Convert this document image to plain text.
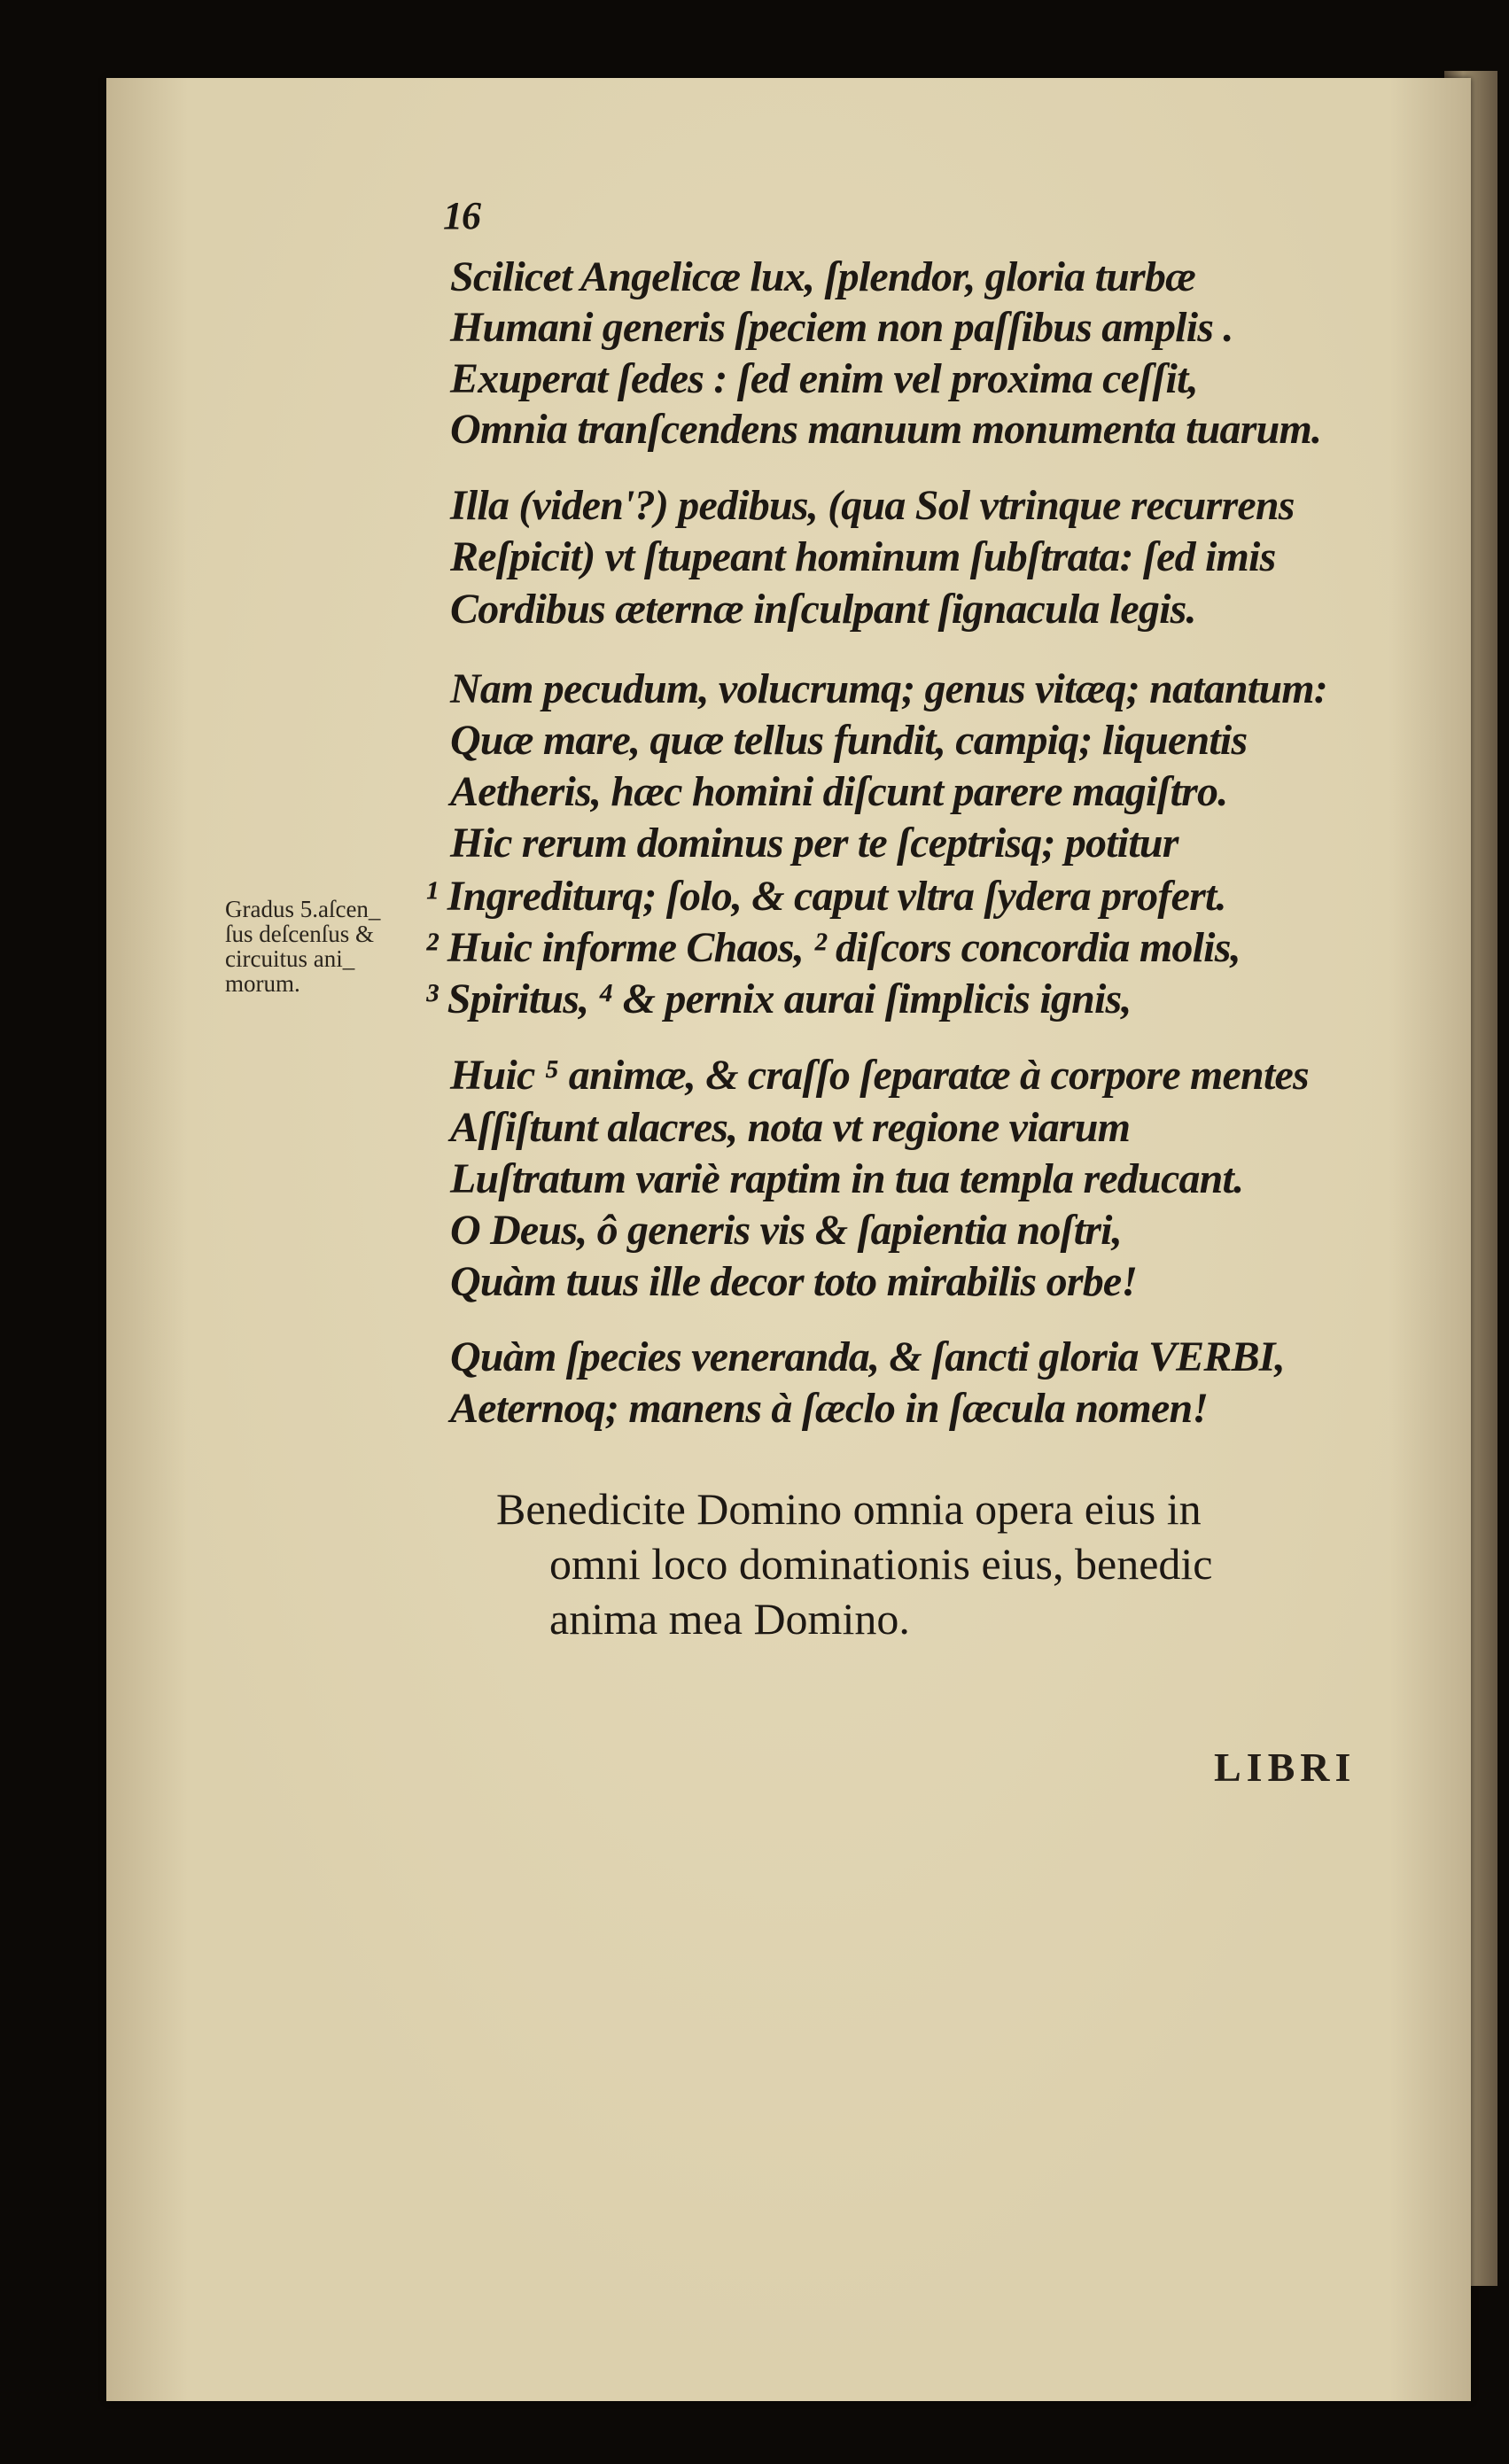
16
Scilicet Angelicæ lux, ſplendor, gloria turbæ
Humani generis ſpeciem non paſſibus amplis .
Exuperat ſedes : ſed enim vel proxima ceſſit,
Omnia tranſcendens manuum monumenta tuarum.
Illa (viden'?) pedibus, (qua Sol vtrinque recurrens
Reſpicit) vt ſtupeant hominum ſubſtrata: ſed imis
Cordibus æternæ inſculpant ſignacula legis.
Nam pecudum, volucrumq; genus vitæq; natantum:
Quæ mare, quæ tellus fundit, campiq; liquentis
Aetheris, hæc homini diſcunt parere magiſtro.
Hic rerum dominus per te ſceptrisq; potitur
¹ Ingrediturq; ſolo, & caput vltra ſydera profert.
² Huic informe Chaos, ² diſcors concordia molis,
³ Spiritus, ⁴ & pernix aurai ſimplicis ignis,
Huic ⁵ animæ, & craſſo ſeparatæ à corpore mentes
Aſſiſtunt alacres, nota vt regione viarum
Luſtratum variè raptim in tua templa reducant.
O Deus, ô generis vis & ſapientia noſtri,
Quàm tuus ille decor toto mirabilis orbe!
Quàm ſpecies veneranda, & ſancti gloria VERBI,
Aeternoq; manens à ſæclo in ſæcula nomen!
Gradus 5.aſcen_
ſus deſcenſus &
circuitus ani_
morum.
Benedicite Domino omnia opera eius in
omni loco dominationis eius, benedic
anima mea Domino.
LIBRI
